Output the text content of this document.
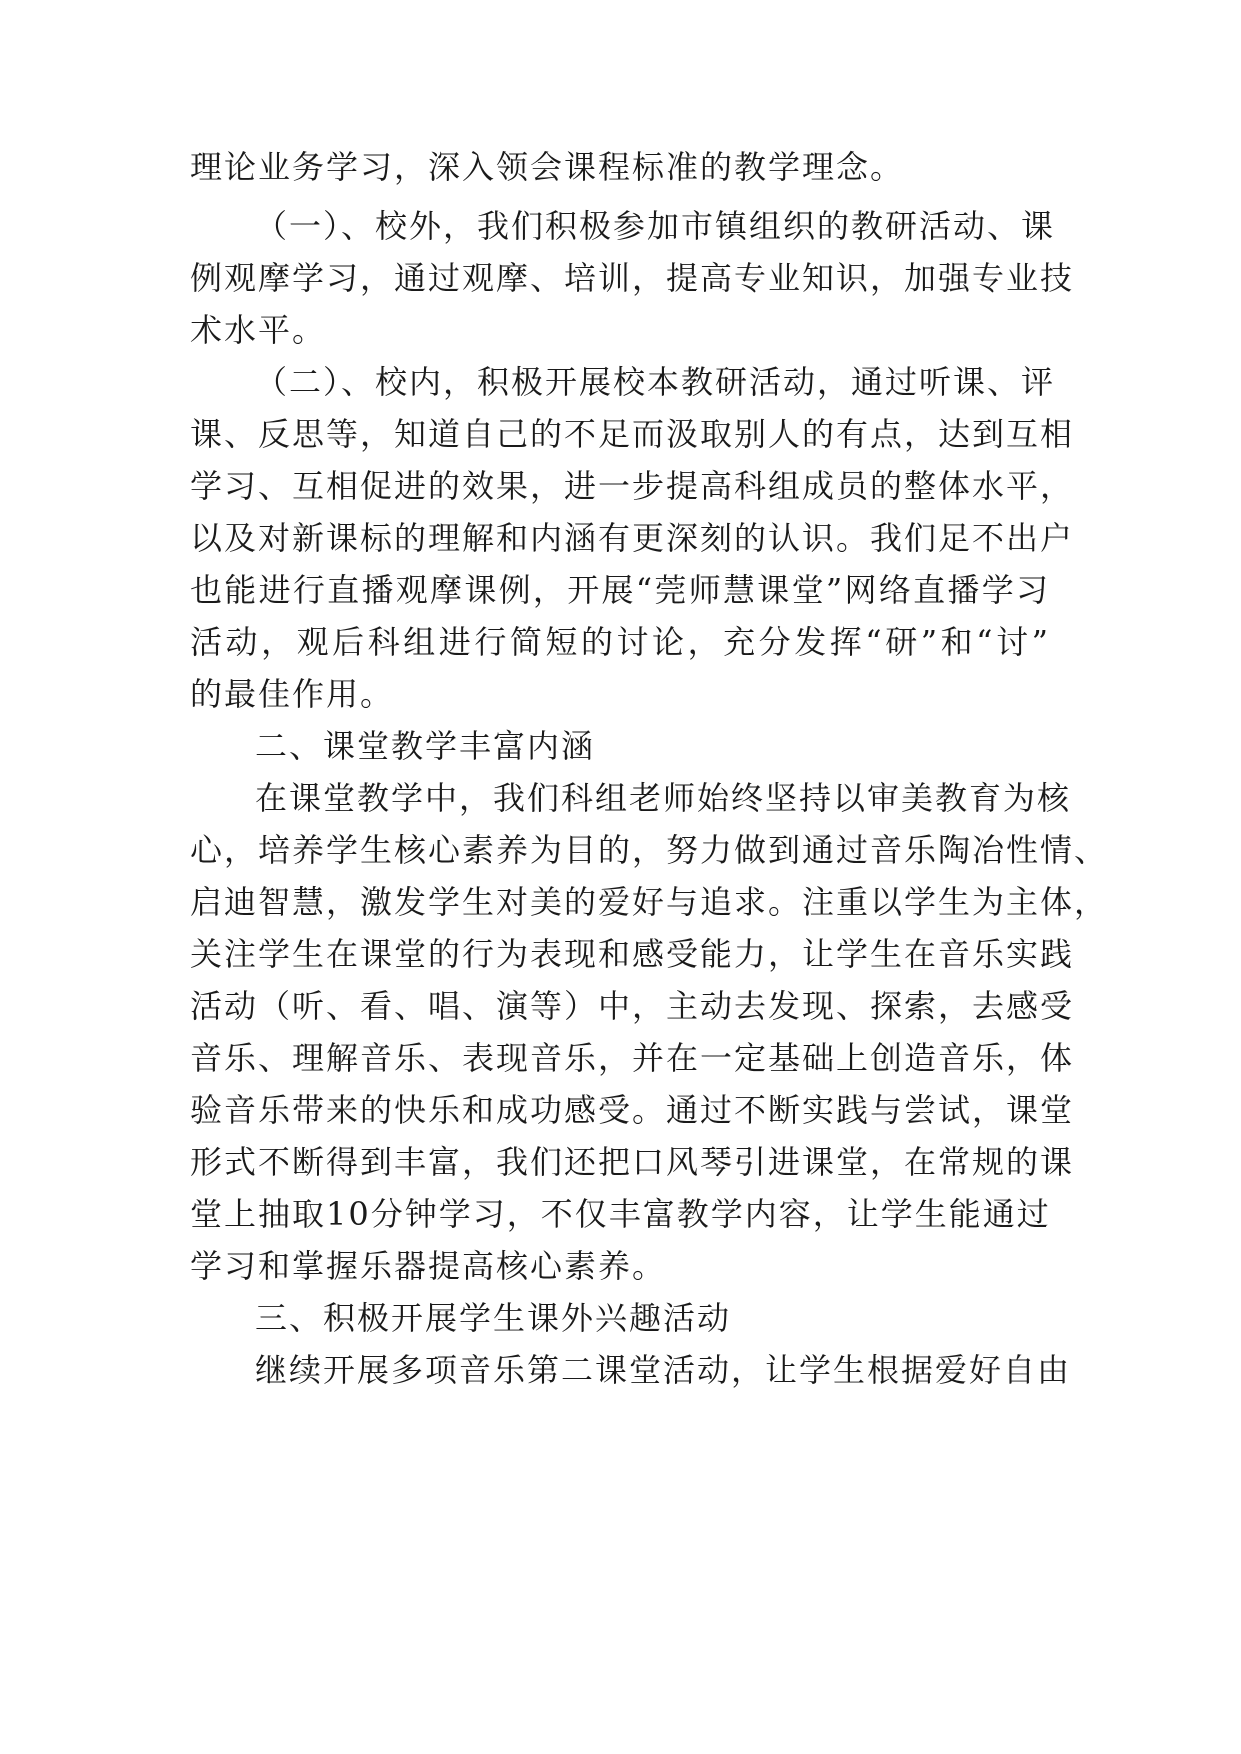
理论业务学习，深入领会课程标准的教学理念。
（一）、校外，我们积极参加市镇组织的教研活动、课
例观摩学习，通过观摩、培训，提高专业知识，加强专业技
术水平。
（二）、校内，积极开展校本教研活动，通过听课、评
课、反思等，知道自己的不足而汲取别人的有点，达到互相
学习、互相促进的效果，进一步提高科组成员的整体水平，
以及对新课标的理解和内涵有更深刻的认识。我们足不出户
也能进行直播观摩课例，开展“莞师慧课堂”网络直播学习
活动，观后科组进行简短的讨论，充分发挥“研”和“讨”
的最佳作用。
二、课堂教学丰富内涵
在课堂教学中，我们科组老师始终坚持以审美教育为核
心，培养学生核心素养为目的，努力做到通过音乐陶冶性情、
启迪智慧，激发学生对美的爱好与追求。注重以学生为主体，
关注学生在课堂的行为表现和感受能力，让学生在音乐实践
活动（听、看、唱、演等）中，主动去发现、探索，去感受
音乐、理解音乐、表现音乐，并在一定基础上创造音乐，体
验音乐带来的快乐和成功感受。通过不断实践与尝试，课堂
形式不断得到丰富，我们还把口风琴引进课堂，在常规的课
堂上抽取10分钟学习，不仅丰富教学内容，让学生能通过
学习和掌握乐器提高核心素养。
三、积极开展学生课外兴趣活动
继续开展多项音乐第二课堂活动，让学生根据爱好自由
